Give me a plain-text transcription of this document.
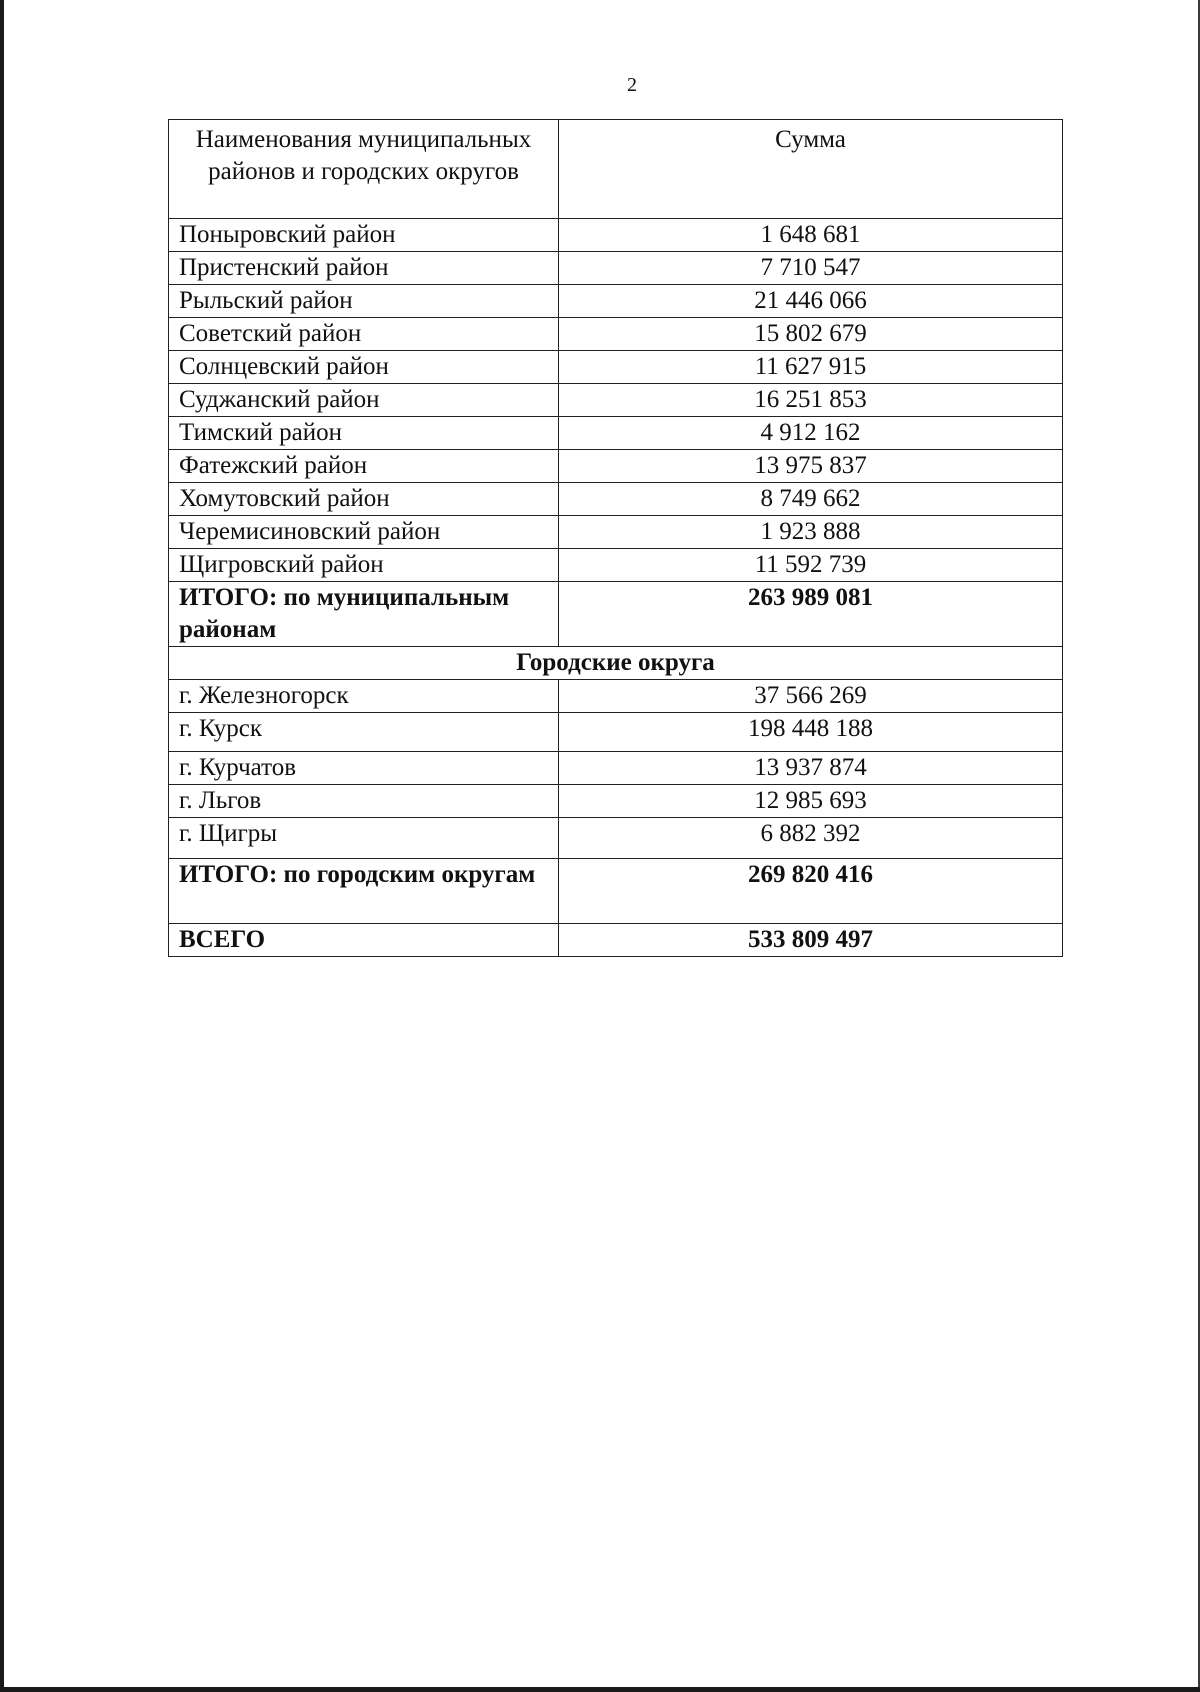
2
Наименования муниципальных районов и городских округов	Сумма
Поныровский район	1 648 681
Пристенский район	7 710 547
Рыльский район	21 446 066
Советский район	15 802 679
Солнцевский район	11 627 915
Суджанский район	16 251 853
Тимский район	4 912 162
Фатежский район	13 975 837
Хомутовский район	8 749 662
Черемисиновский район	1 923 888
Щигровский район	11 592 739
ИТОГО: по муниципальным районам	263 989 081
Городские округа	
г. Железногорск	37 566 269
г. Курск	198 448 188
г. Курчатов	13 937 874
г. Льгов	12 985 693
г. Щигры	6 882 392
ИТОГО: по городским округам	269 820 416
ВСЕГО	533 809 497
